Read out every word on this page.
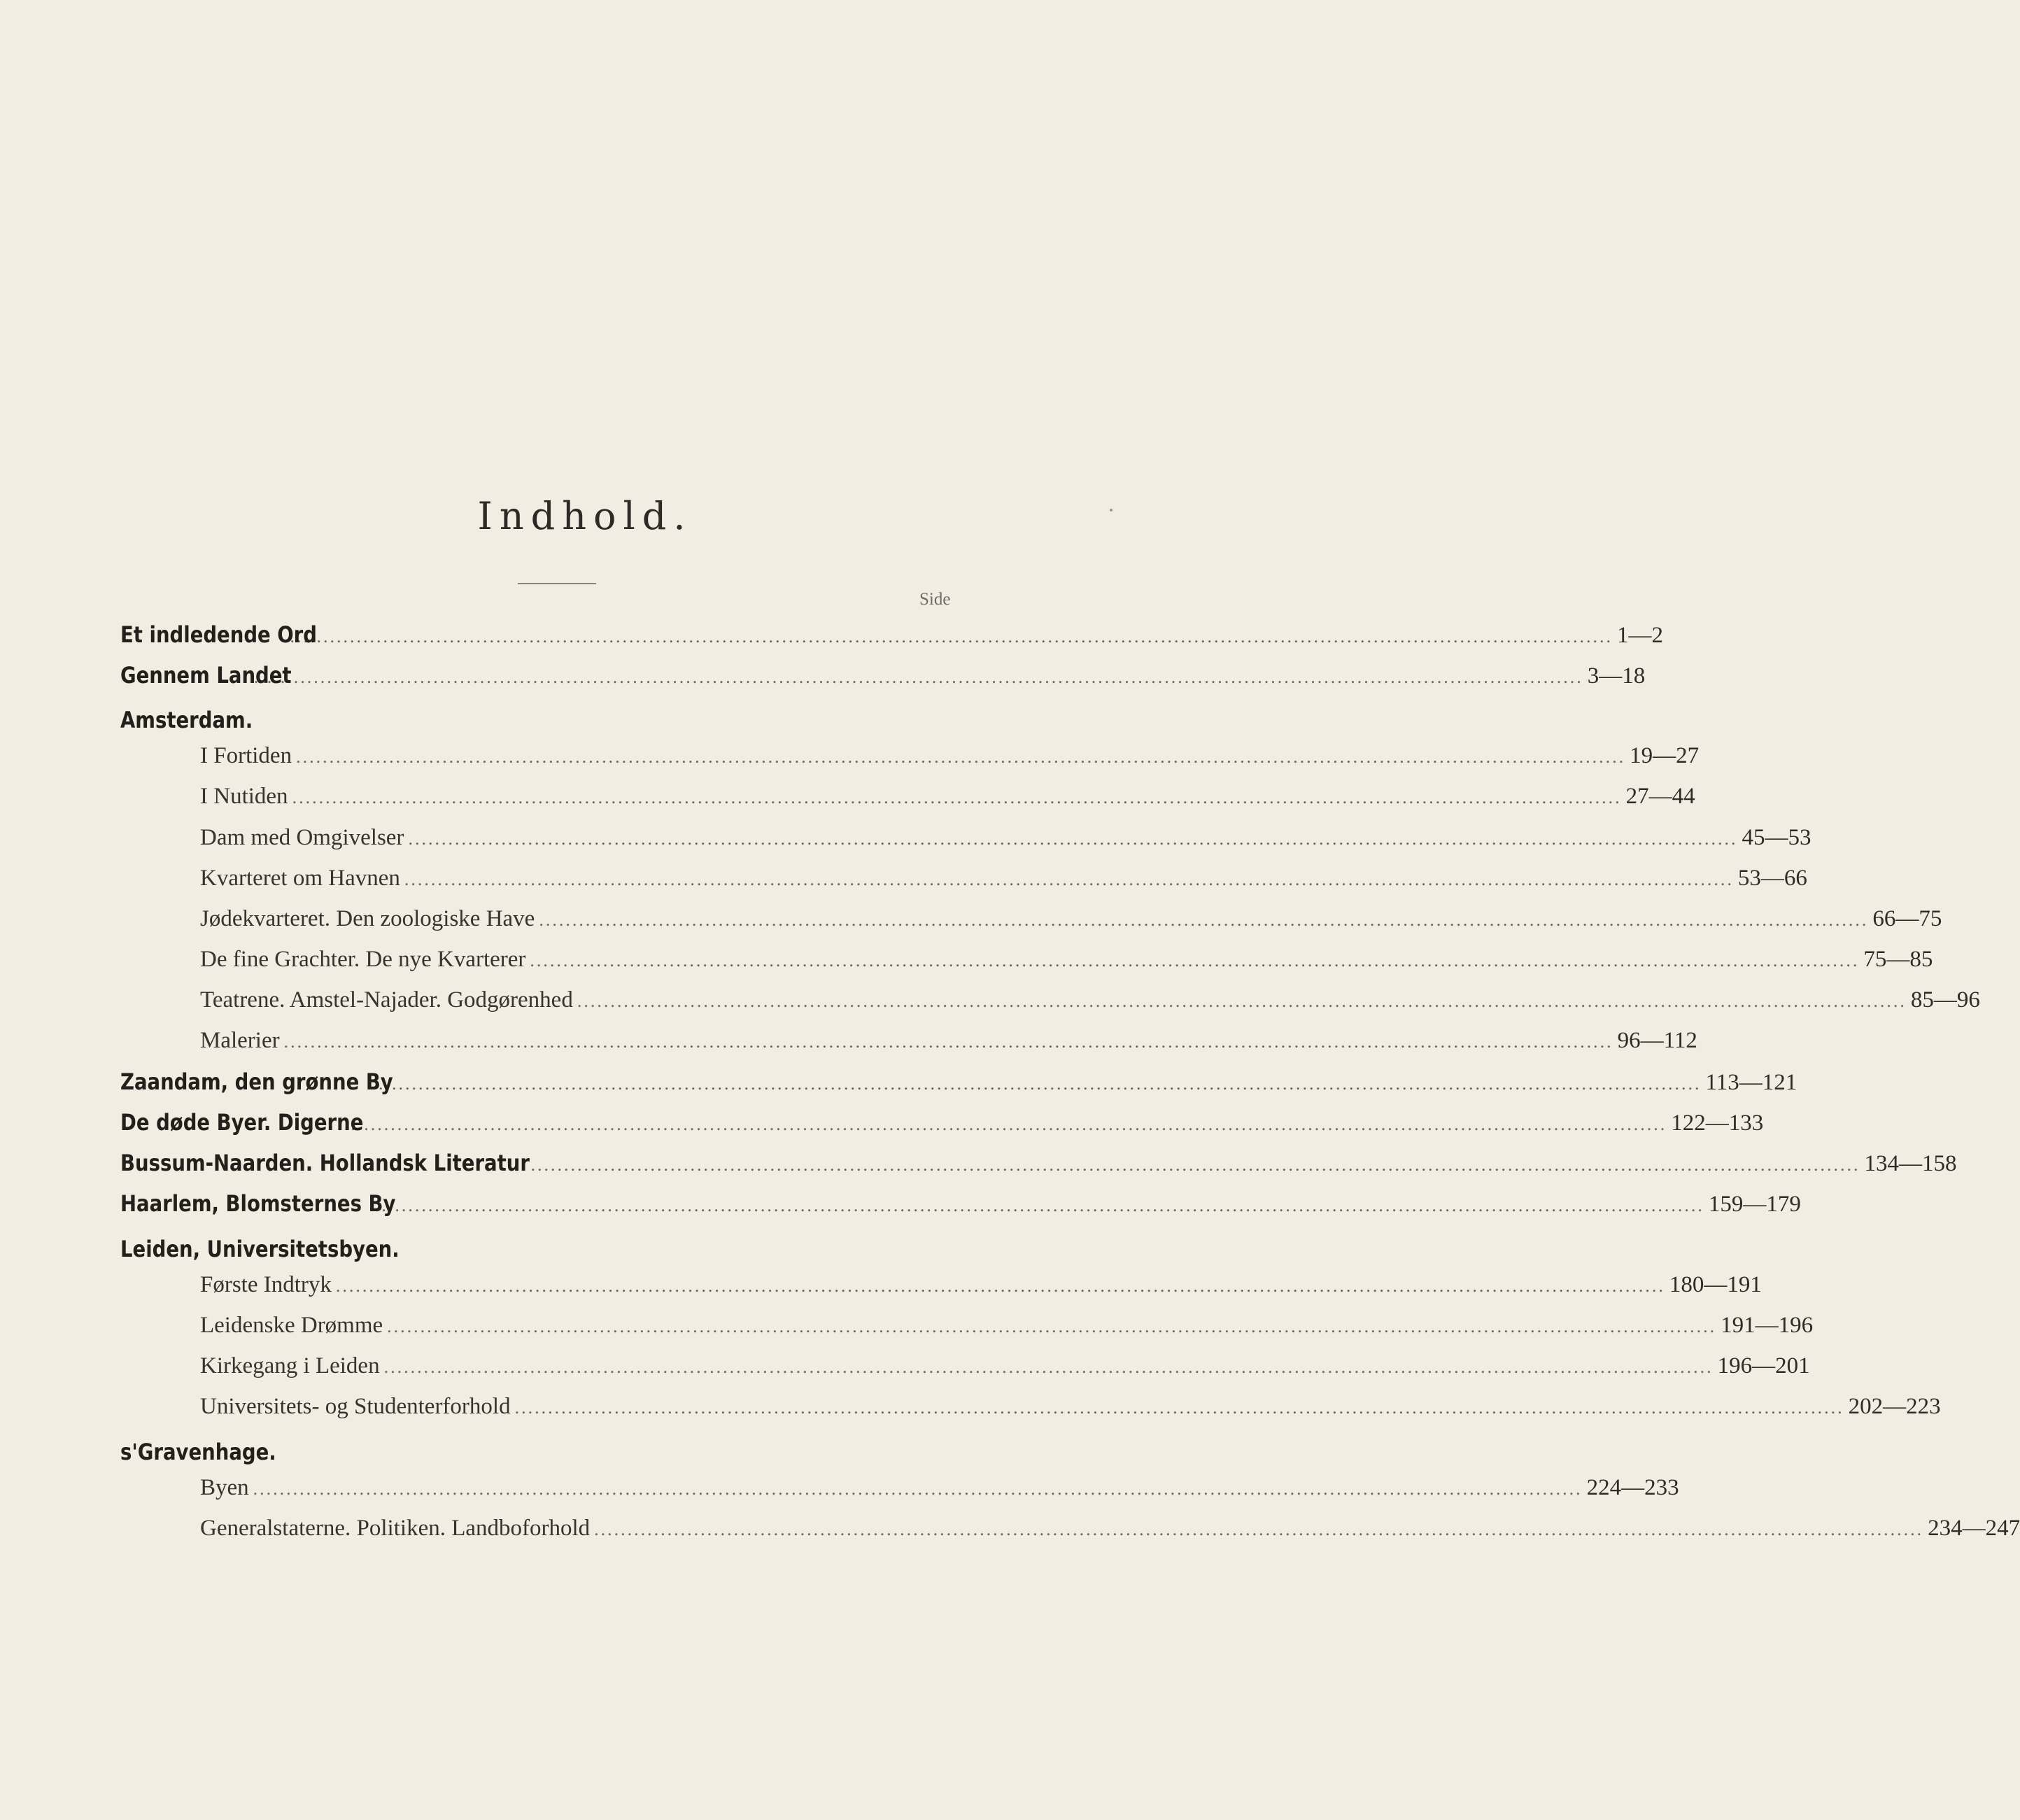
Indhold.
Side
Et indledende Ord
........................................................................................................................................................................................................ 1—2
Gennem Landet
........................................................................................................................................................................................................ 3—18
Amsterdam.
I Fortiden ........................................................................................................................................................................................................ 19—27
I Nutiden ........................................................................................................................................................................................................ 27—44
Dam med Omgivelser ........................................................................................................................................................................................................ 45—53
Kvarteret om Havnen ........................................................................................................................................................................................................ 53—66
Jødekvarteret. Den zoologiske Have ........................................................................................................................................................................................................ 66—75
De fine Grachter. De nye Kvarterer ........................................................................................................................................................................................................ 75—85
Teatrene. Amstel-Najader. Godgørenhed ........................................................................................................................................................................................................ 85—96
Malerier ........................................................................................................................................................................................................ 96—112
Zaandam, den grønne By
........................................................................................................................................................................................................ 113—121
De døde Byer. Digerne
........................................................................................................................................................................................................ 122—133
Bussum-Naarden. Hollandsk Literatur ........................................................................................................................................................................................................ 134—158
Haarlem, Blomsternes By
........................................................................................................................................................................................................ 159—179
Leiden, Universitetsbyen.
Første Indtryk ........................................................................................................................................................................................................ 180—191
Leidenske Drømme ........................................................................................................................................................................................................ 191—196
Kirkegang i Leiden ........................................................................................................................................................................................................ 196—201
Universitets- og Studenterforhold ........................................................................................................................................................................................................ 202—223
s'Gravenhage.
Byen ........................................................................................................................................................................................................ 224—233
Generalstaterne. Politiken. Landboforhold ........................................................................................................................................................................................................ 234—247
